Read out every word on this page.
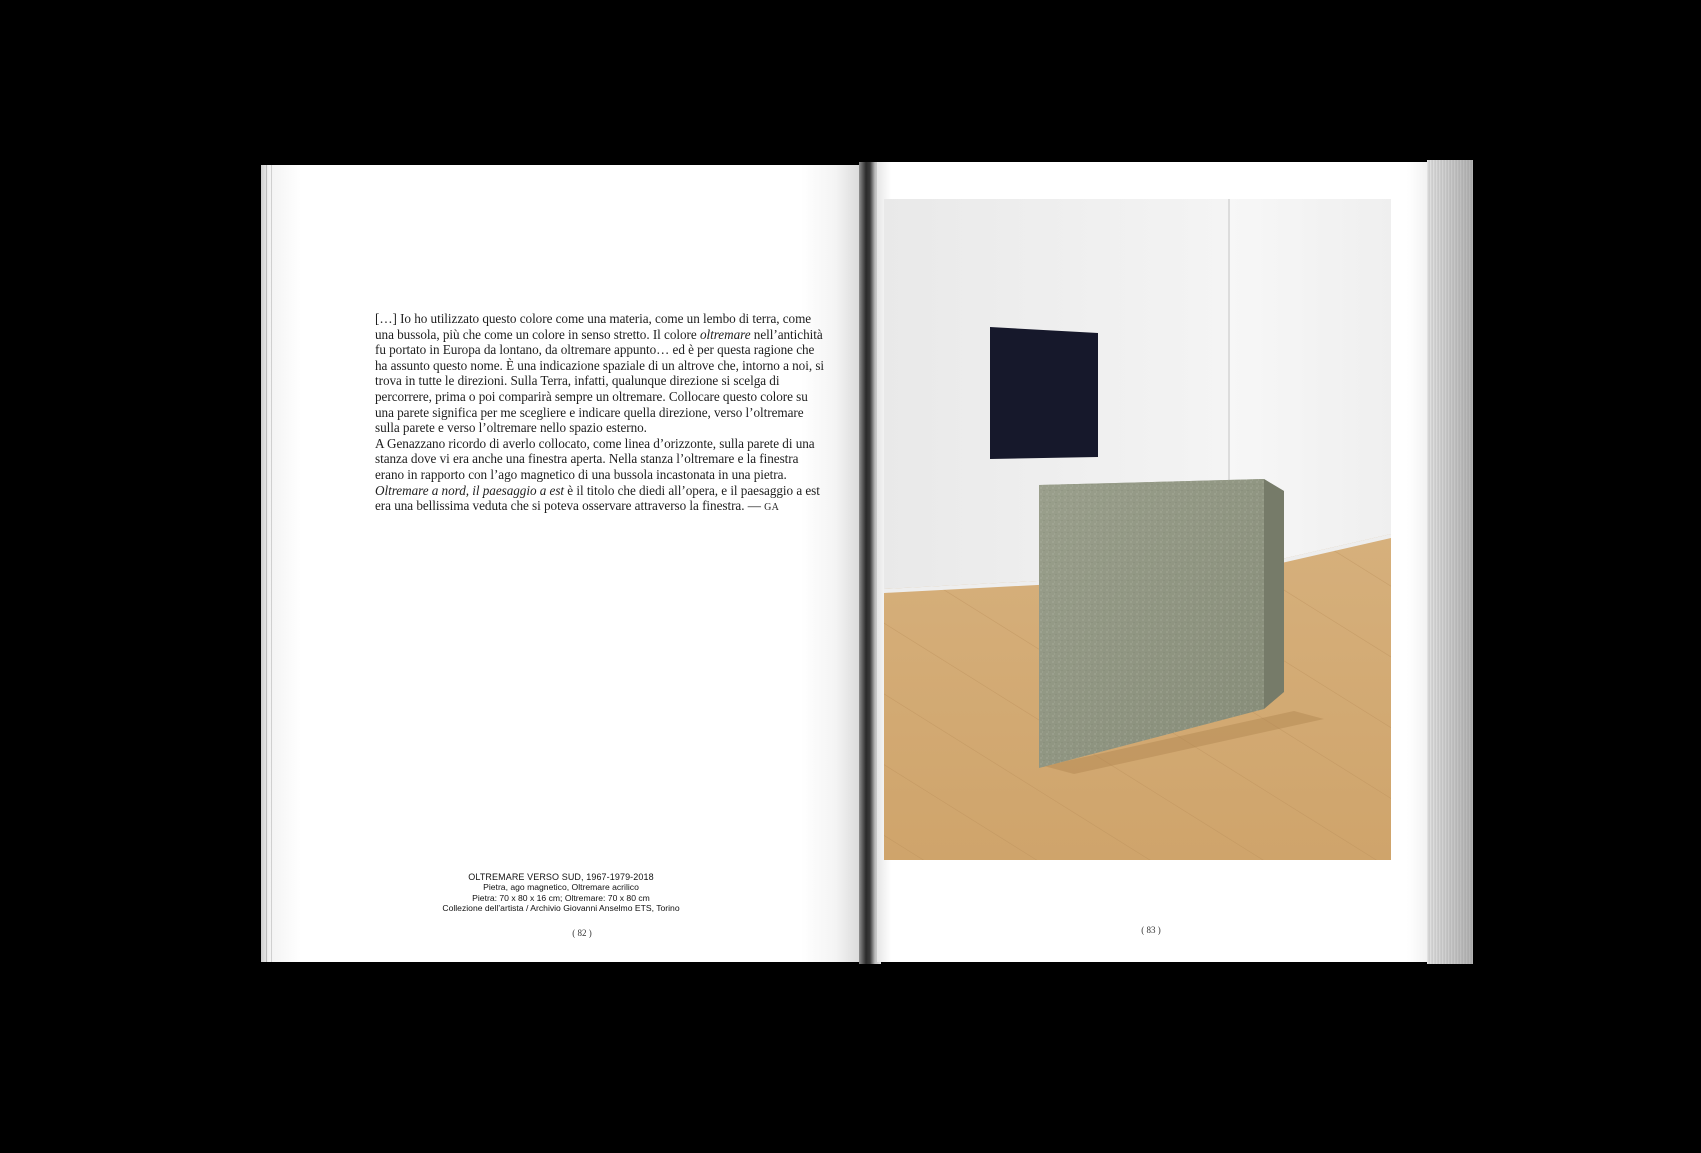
[…] Io ho utilizzato questo colore come una materia, come un lembo di terra, come una bussola, più che come un colore in senso stretto. Il colore oltremare nell’antichità fu portato in Europa da lontano, da oltremare appunto… ed è per questa ragione che ha assunto questo nome. È una indicazione spaziale di un altrove che, intorno a noi, si trova in tutte le direzioni. Sulla Terra, infatti, qualunque direzione si scelga di percorrere, prima o poi comparirà sempre un oltremare. Collocare questo colore su una parete significa per me scegliere e indicare quella direzione, verso l’oltremare sulla parete e verso l’oltremare nello spazio esterno.

A Genazzano ricordo di averlo collocato, come linea d’orizzonte, sulla parete di una stanza dove vi era anche una finestra aperta. Nella stanza l’oltremare e la finestra erano in rapporto con l’ago magnetico di una bussola incastonata in una pietra. Oltremare a nord, il paesaggio a est è il titolo che diedi all’opera, e il paesaggio a est era una bellissima veduta che si poteva osservare attraverso la finestra. — GA

OLTREMARE VERSO SUD, 1967-1979-2018
Pietra, ago magnetico, Oltremare acrilico
Pietra: 70 x 80 x 16 cm; Oltremare: 70 x 80 cm
Collezione dell’artista / Archivio Giovanni Anselmo ETS, Torino
( 82 )	( 83 )
